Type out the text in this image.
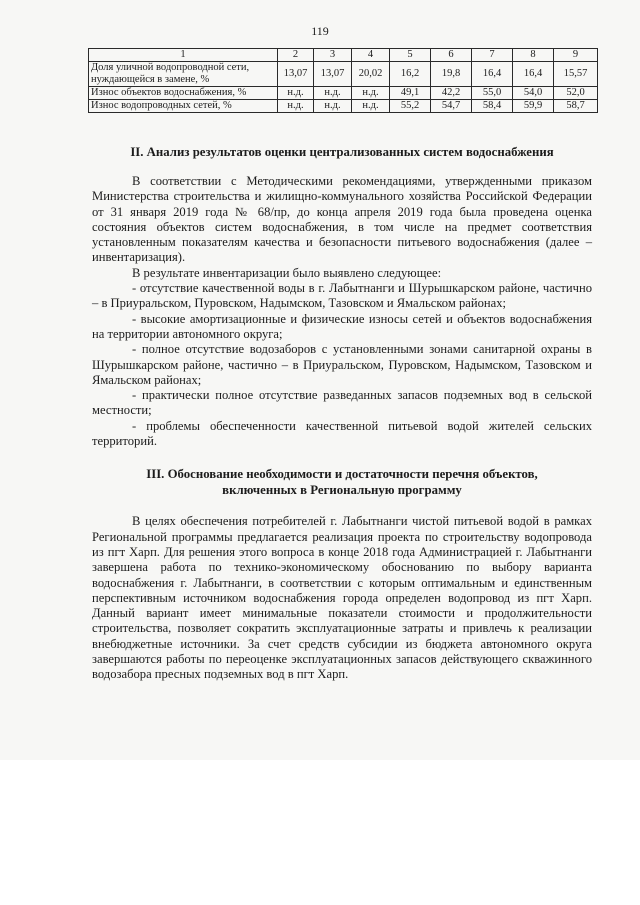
119
1	2	3	4	5	6	7	8	9
Доля уличной водопроводной сети, нуждающейся в замене, %	13,07	13,07	20,02	16,2	19,8	16,4	16,4	15,57
Износ объектов водоснабжения, %	н.д.	н.д.	н.д.	49,1	42,2	55,0	54,0	52,0
Износ водопроводных сетей, %	н.д.	н.д.	н.д.	55,2	54,7	58,4	59,9	58,7
II. Анализ результатов оценки централизованных систем водоснабжения

В соответствии с Методическими рекомендациями, утвержденными приказом Министерства строительства и жилищно-коммунального хозяйства Российской Федерации от 31 января 2019 года № 68/пр, до конца апреля 2019 года была проведена оценка состояния объектов систем водоснабжения, в том числе на предмет соответствия установленным показателям качества и безопасности питьевого водоснабжения (далее – инвентаризация).

В результате инвентаризации было выявлено следующее:

- отсутствие качественной воды в г. Лабытнанги и Шурышкарском районе, частично – в Приуральском, Пуровском, Надымском, Тазовском и Ямальском районах;

- высокие амортизационные и физические износы сетей и объектов водоснабжения на территории автономного округа;

- полное отсутствие водозаборов с установленными зонами санитарной охраны в Шурышкарском районе, частично – в Приуральском, Пуровском, Надымском, Тазовском и Ямальском районах;

- практически полное отсутствие разведанных запасов подземных вод в сельской местности;

- проблемы обеспеченности качественной питьевой водой жителей сельских территорий.

III. Обоснование необходимости и достаточности перечня объектов,
включенных в Региональную программу

В целях обеспечения потребителей г. Лабытнанги чистой питьевой водой в рамках Региональной программы предлагается реализация проекта по строительству водопровода из пгт Харп. Для решения этого вопроса в конце 2018 года Администрацией г. Лабытнанги завершена работа по технико-экономическому обоснованию по выбору варианта водоснабжения г. Лабытнанги, в соответствии с которым оптимальным и единственным перспективным источником водоснабжения города определен водопровод из пгт Харп. Данный вариант имеет минимальные показатели стоимости и продолжительности строительства, позволяет сократить эксплуатационные затраты и привлечь к реализации внебюджетные источники. За счет средств субсидии из бюджета автономного округа завершаются работы по переоценке эксплуатационных запасов действующего скважинного водозабора пресных подземных вод в пгт Харп.
